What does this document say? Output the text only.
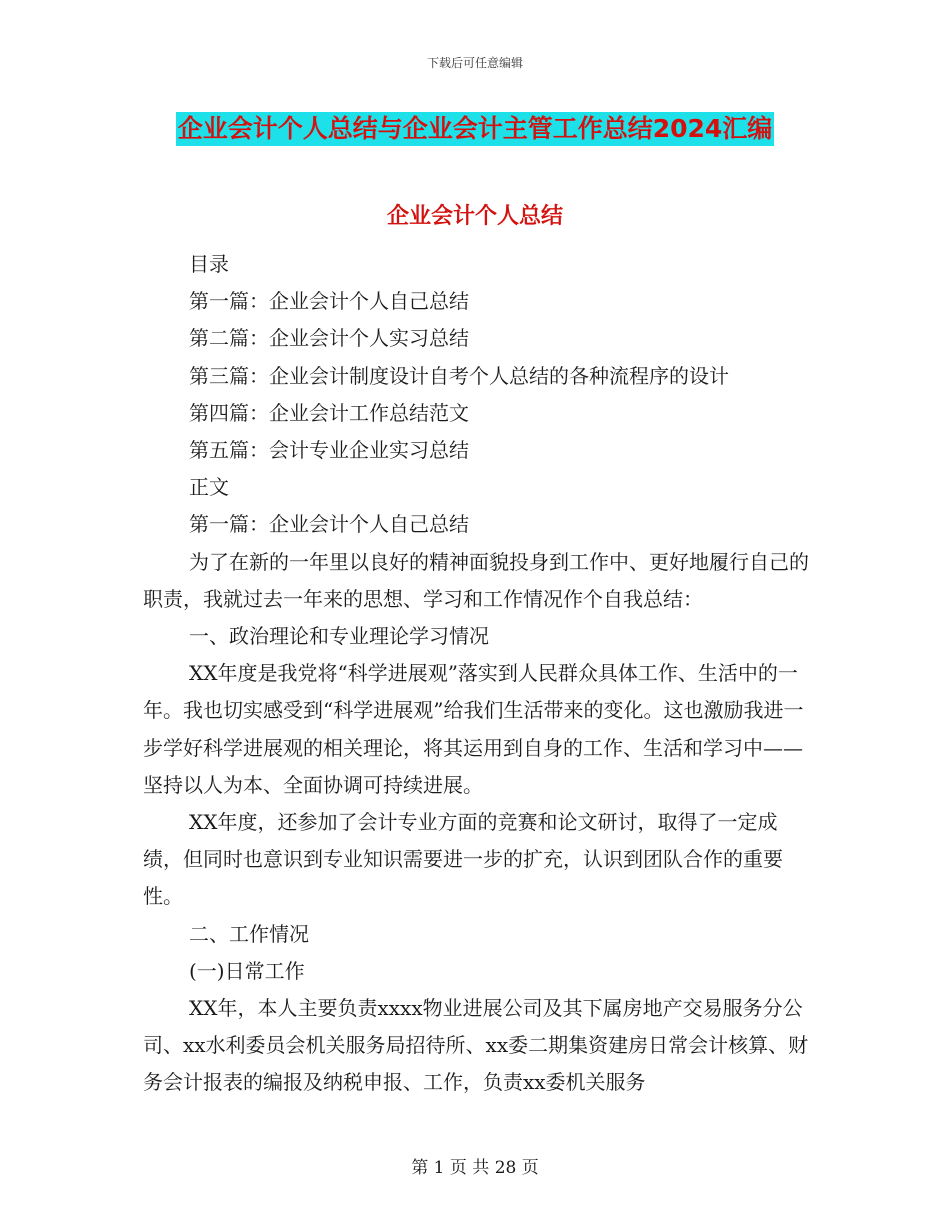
下载后可任意编辑
企业会计个人总结与企业会计主管工作总结2024汇编
企业会计个人总结

目录

第一篇：企业会计个人自己总结

第二篇：企业会计个人实习总结

第三篇：企业会计制度设计自考个人总结的各种流程序的设计

第四篇：企业会计工作总结范文

第五篇：会计专业企业实习总结

正文

第一篇：企业会计个人自己总结

为了在新的一年里以良好的精神面貌投身到工作中、更好地履行自己的职责，我就过去一年来的思想、学习和工作情况作个自我总结：

一、政治理论和专业理论学习情况

XX年度是我党将“科学进展观”落实到人民群众具体工作、生活中的一年。我也切实感受到“科学进展观”给我们生活带来的变化。这也激励我进一步学好科学进展观的相关理论，将其运用到自身的工作、生活和学习中——坚持以人为本、全面协调可持续进展。

XX年度，还参加了会计专业方面的竞赛和论文研讨，取得了一定成绩，但同时也意识到专业知识需要进一步的扩充，认识到团队合作的重要性。

二、工作情况

(一)日常工作

XX年，本人主要负责xxxx物业进展公司及其下属房地产交易服务分公司、xx水利委员会机关服务局招待所、xx委二期集资建房日常会计核算、财务会计报表的编报及纳税申报、工作，负责xx委机关服务

第 1 页 共 28 页
